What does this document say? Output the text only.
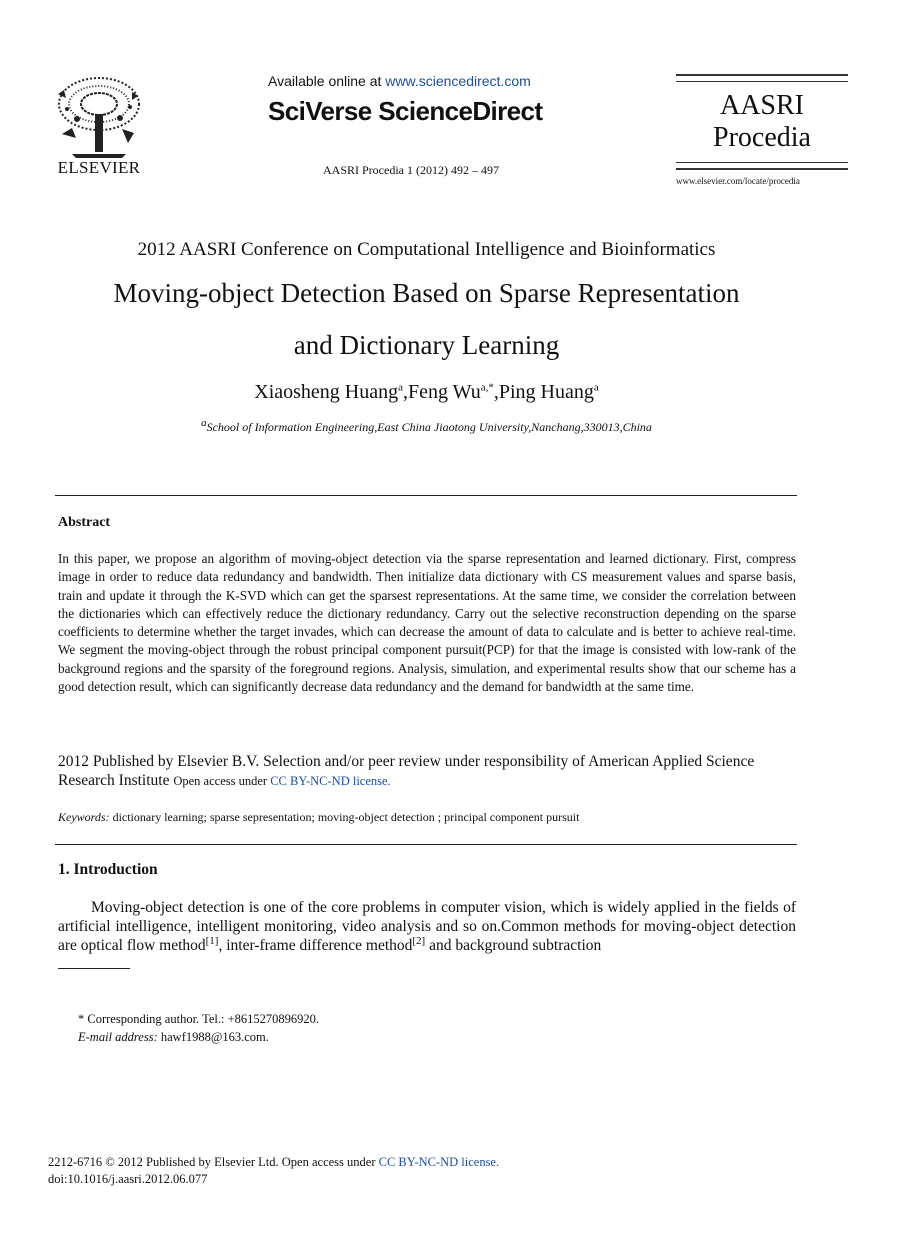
ELSEVIER
Available online at www.sciencedirect.com
SciVerse ScienceDirect
AASRI Procedia 1 (2012) 492 – 497
AASRI
Procedia
www.elsevier.com/locate/procedia
2012 AASRI Conference on Computational Intelligence and Bioinformatics
Moving-object Detection Based on Sparse Representation
and Dictionary Learning
Xiaosheng Huang$^a$,Feng $Wu^{a,*},Ping$ Huang$^a$
$^a$School of Information Engineering,East China Jiaotong University,Nanchang,330013,China
Abstract
In this paper, we propose an algorithm of moving-object detection via the sparse representation and learned dictionary. First, compress image in order to reduce data redundancy and bandwidth. Then initialize data dictionary with CS measurement values and sparse basis, train and update it through the K-SVD which can get the sparsest representations. At the same time, we consider the correlation between the dictionaries which can effectively reduce the dictionary redundancy. Carry out the selective reconstruction depending on the sparse coefficients to determine whether the target invades, which can decrease the amount of data to calculate and is better to achieve real-time. We segment the moving-object through the robust principal component pursuit(PCP) for that the image is consisted with low-rank of the background regions and the sparsity of the foreground regions. Analysis, simulation, and experimental results show that our scheme has a good detection result, which can significantly decrease data redundancy and the demand for bandwidth at the same time.
2012 Published by Elsevier B.V. Selection and/or peer review under responsibility of American Applied Science Research Institute Open access under CC BY-NC-ND license.
Keywords: dictionary learning; sparse sepresentation; moving-object detection ; principal component pursuit
1. Introduction
Moving-object detection is one of the core problems in computer vision, which is widely applied in the fields of artificial intelligence, intelligent monitoring, video analysis and so on.Common methods for moving-object detection are optical flow method[1], inter-frame difference method[2] and background subtraction
* Corresponding author. Tel.: +8615270896920.
E-mail address: hawf1988@163.com.
2212-6716 © 2012 Published by Elsevier Ltd. Open access under CC BY-NC-ND license.
doi:10.1016/j.aasri.2012.06.077
